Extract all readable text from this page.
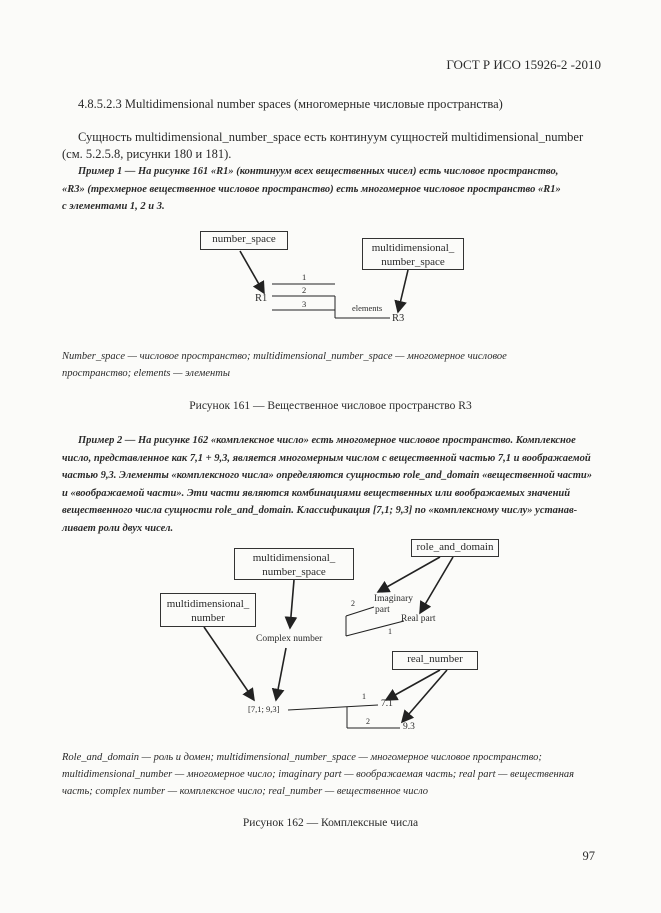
ГОСТ Р ИСО 15926-2 -2010
4.8.5.2.3 Multidimensional number spaces (многомерные числовые пространства)
Сущность multidimensional_number_space есть континуум сущностей multidimensional_number
(см. 5.2.5.8, рисунки 180 и 181).
Пример 1 — На рисунке 161 «R1» (континуум всех вещественных чисел) есть числовое пространство,
«R3» (трехмерное вещественное числовое пространство) есть многомерное числовое пространство «R1»
с элементами 1, 2 и 3.
number_space
multidimensional_
number_space
R1
R3
elements
1
2
3
Number_space — числовое пространство; multidimensional_number_space — многомерное числовое
пространство; elements — элементы
Рисунок 161 — Вещественное числовое пространство R3
Пример 2 — На рисунке 162 «комплексное число» есть многомерное числовое пространство. Комплексное
число, представленное как 7,1 + 9,3, является многомерным числом с вещественной частью 7,1 и воображаемой
частью 9,3. Элементы «комплексного числа» определяются сущностью role_and_domain «вещественной части»
и «воображаемой части». Эти части являются комбинациями вещественных или воображаемых значений
вещественного числа сущности role_and_domain. Классификация [7,1; 9,3] по «комплексному числу» устанав-
ливает роли двух чисел.
multidimensional_
number_space
role_and_domain
multidimensional_
number
real_number
Imaginary
part
Real part
Complex number
[7,1; 9,3]	7.1
9.3
2
1
1
2
Role_and_domain — роль и домен; multidimensional_number_space — многомерное числовое пространство;
multidimensional_number — многомерное число; imaginary part — воображаемая часть; real part — вещественная
часть; complex number — комплексное число; real_number — вещественное число
Рисунок 162 — Комплексные числа
97
